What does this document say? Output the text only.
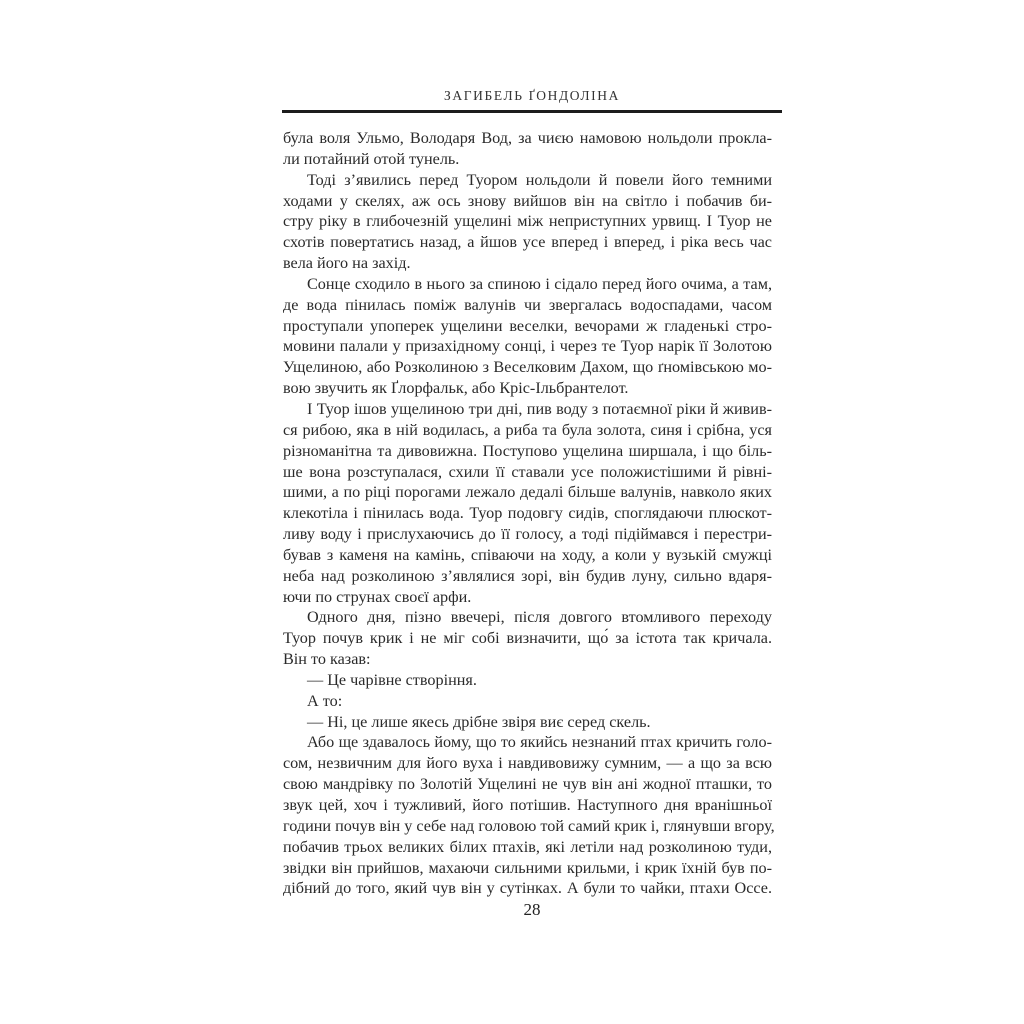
ЗАГИБЕЛЬ ҐОНДОЛІНА
була воля Ульмо, Володаря Вод, за чиєю намовою нольдоли прокла-
ли потайний отой тунель.
Тоді з’явились перед Туором нольдоли й повели його темними
ходами у скелях, аж ось знову вийшов він на світло і побачив би-
стру ріку в глибочезній ущелині між неприступних урвищ. І Туор не
схотів повертатись назад, а йшов усе вперед і вперед, і ріка весь час
вела його на захід.
Сонце сходило в нього за спиною і сідало перед його очима, а там,
де вода пінилась поміж валунів чи звергалась водоспадами, часом
проступали упоперек ущелини веселки, вечорами ж гладенькі стро-
мовини палали у призахідному сонці, і через те Туор нарік її Золотою
Ущелиною, або Розколиною з Веселковим Дахом, що ґномівською мо-
вою звучить як Ґлорфальк, або Кріс-Ільбрантелот.
І Туор ішов ущелиною три дні, пив воду з потаємної ріки й живив-
ся рибою, яка в ній водилась, а риба та була золота, синя і срібна, уся
різноманітна та дивовижна. Поступово ущелина ширшала, і що біль-
ше вона розступалася, схили її ставали усе положистішими й рівні-
шими, а по ріці порогами лежало дедалі більше валунів, навколо яких
клекотіла і пінилась вода. Туор подовгу сидів, споглядаючи плюскот-
ливу воду і прислухаючись до її голосу, а тоді підіймався і перестри-
бував з каменя на камінь, співаючи на ходу, а коли у вузькій смужці
неба над розколиною з’являлися зорі, він будив луну, сильно вдаря-
ючи по струнах своєї арфи.
Одного дня, пізно ввечері, після довгого втомливого переходу
Туор почув крик і не міг собі визначити, що́ за істота так кричала.
Він то казав:
— Це чарівне створіння.
А то:
— Ні, це лише якесь дрібне звіря виє серед скель.
Або ще здавалось йому, що то якийсь незнаний птах кричить голо-
сом, незвичним для його вуха і навдивовижу сумним, — а що за всю
свою мандрівку по Золотій Ущелині не чув він ані жодної пташки, то
звук цей, хоч і тужливий, його потішив. Наступного дня вранішньої
години почув він у себе над головою той самий крик і, глянувши вгору,
побачив трьох великих білих птахів, які летіли над розколиною туди,
звідки він прийшов, махаючи сильними крильми, і крик їхній був по-
дібний до того, який чув він у сутінках. А були то чайки, птахи Оссе.
28
